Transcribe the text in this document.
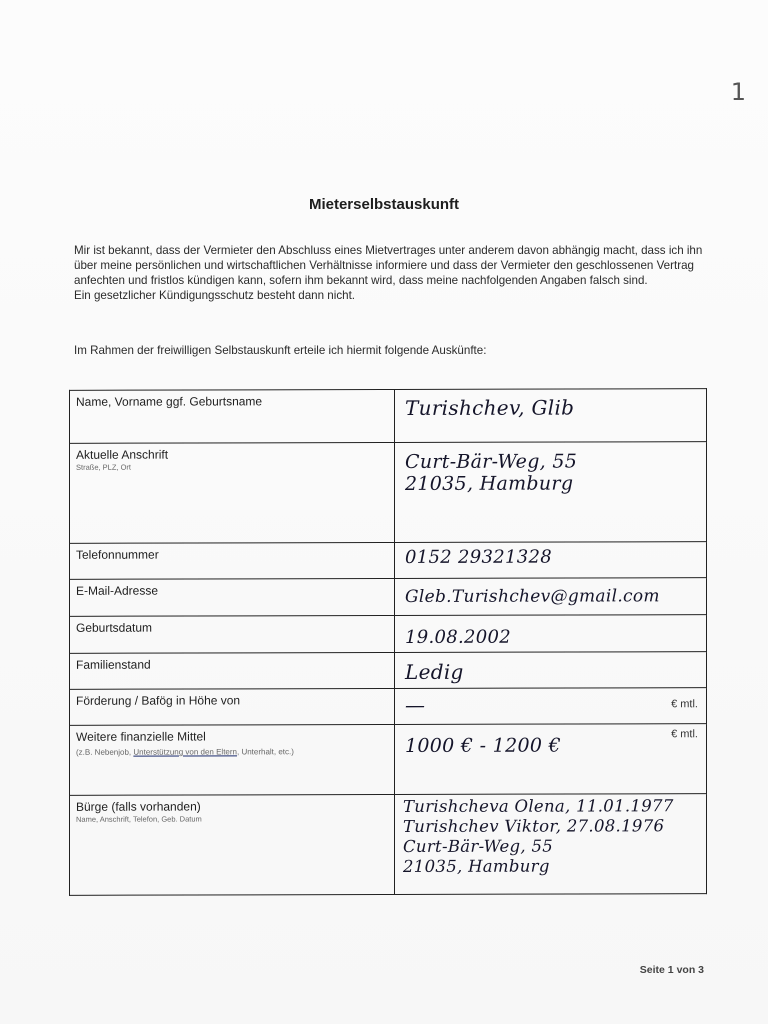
1
Mieterselbstauskunft

Mir ist bekannt, dass der Vermieter den Abschluss eines Mietvertrages unter anderem davon abhängig macht, dass ich ihn über meine persönlichen und wirtschaftlichen Verhältnisse informiere und dass der Vermieter den geschlossenen Vertrag anfechten und fristlos kündigen kann, sofern ihm bekannt wird, dass meine nachfolgenden Angaben falsch sind.

Ein gesetzlicher Kündigungsschutz besteht dann nicht.

Im Rahmen der freiwilligen Selbstauskunft erteile ich hiermit folgende Auskünfte:
Name, Vorname ggf. Geburtsname	Turishchev, Glib

Aktuelle Anschrift
Straße, PLZ, Ort	Curt-Bär-Weg, 55
21035, Hamburg

Telefonnummer	0152 29321328

E-Mail-Adresse	Gleb.Turishchev@gmail.com

Geburtsdatum	19.08.2002

Familienstand	Ledig

Förderung / Bafög in Höhe von	— € mtl.

Weitere finanzielle Mittel
(z.B. Nebenjob, Unterstützung von den Eltern, Unterhalt, etc.)	1000 € - 1200 €
€ mtl.

Bürge (falls vorhanden)
Name, Anschrift, Telefon, Geb. Datum	Turishcheva Olena, 11.01.1977
Turishchev Viktor, 27.08.1976
Curt-Bär-Weg, 55
21035, Hamburg
Seite 1 von 3
